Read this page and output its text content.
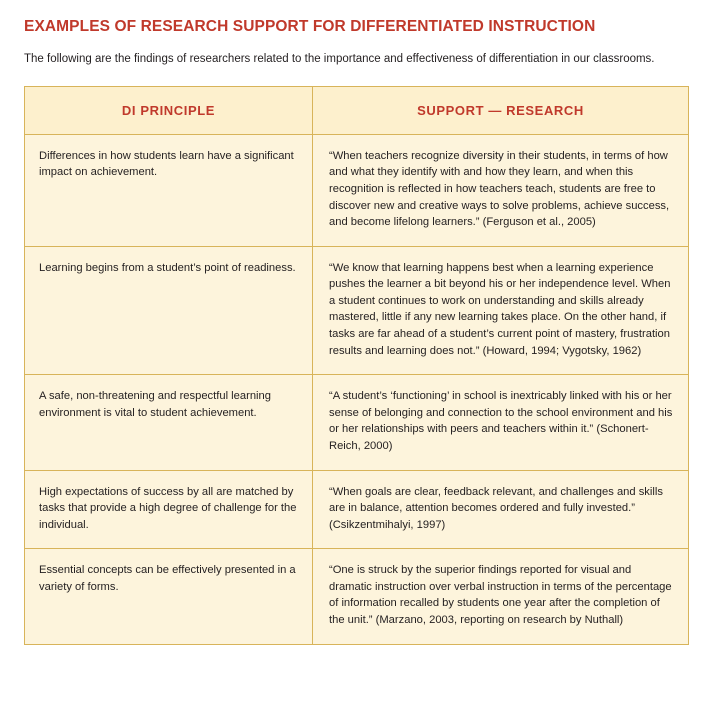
EXAMPLES OF RESEARCH SUPPORT FOR DIFFERENTIATED INSTRUCTION

The following are the findings of researchers related to the importance and effectiveness of differentiation in our classrooms.

DI PRINCIPLE	SUPPORT — RESEARCH
Differences in how students learn have a significant impact on achievement.	“When teachers recognize diversity in their students, in terms of how and what they identify with and how they learn, and when this recognition is reflected in how teachers teach, students are free to discover new and creative ways to solve problems, achieve success, and become lifelong learners.” (Ferguson et al., 2005)
Learning begins from a student’s point of readiness.	“We know that learning happens best when a learning experience pushes the learner a bit beyond his or her independence level. When a student continues to work on understanding and skills already mastered, little if any new learning takes place. On the other hand, if tasks are far ahead of a student’s current point of mastery, frustration results and learning does not.” (Howard, 1994; Vygotsky, 1962)
A safe, non-threatening and respectful learning environment is vital to student achievement.	“A student’s ‘functioning’ in school is inextricably linked with his or her sense of belonging and connection to the school environment and his or her relationships with peers and teachers within it.” (Schonert-Reich, 2000)
High expectations of success by all are matched by tasks that provide a high degree of challenge for the individual.	“When goals are clear, feedback relevant, and challenges and skills are in balance, attention becomes ordered and fully invested.” (Csikzentmihalyi, 1997)
Essential concepts can be effectively presented in a variety of forms.	“One is struck by the superior findings reported for visual and dramatic instruction over verbal instruction in terms of the percentage of information recalled by students one year after the completion of the unit.” (Marzano, 2003, reporting on research by Nuthall)
